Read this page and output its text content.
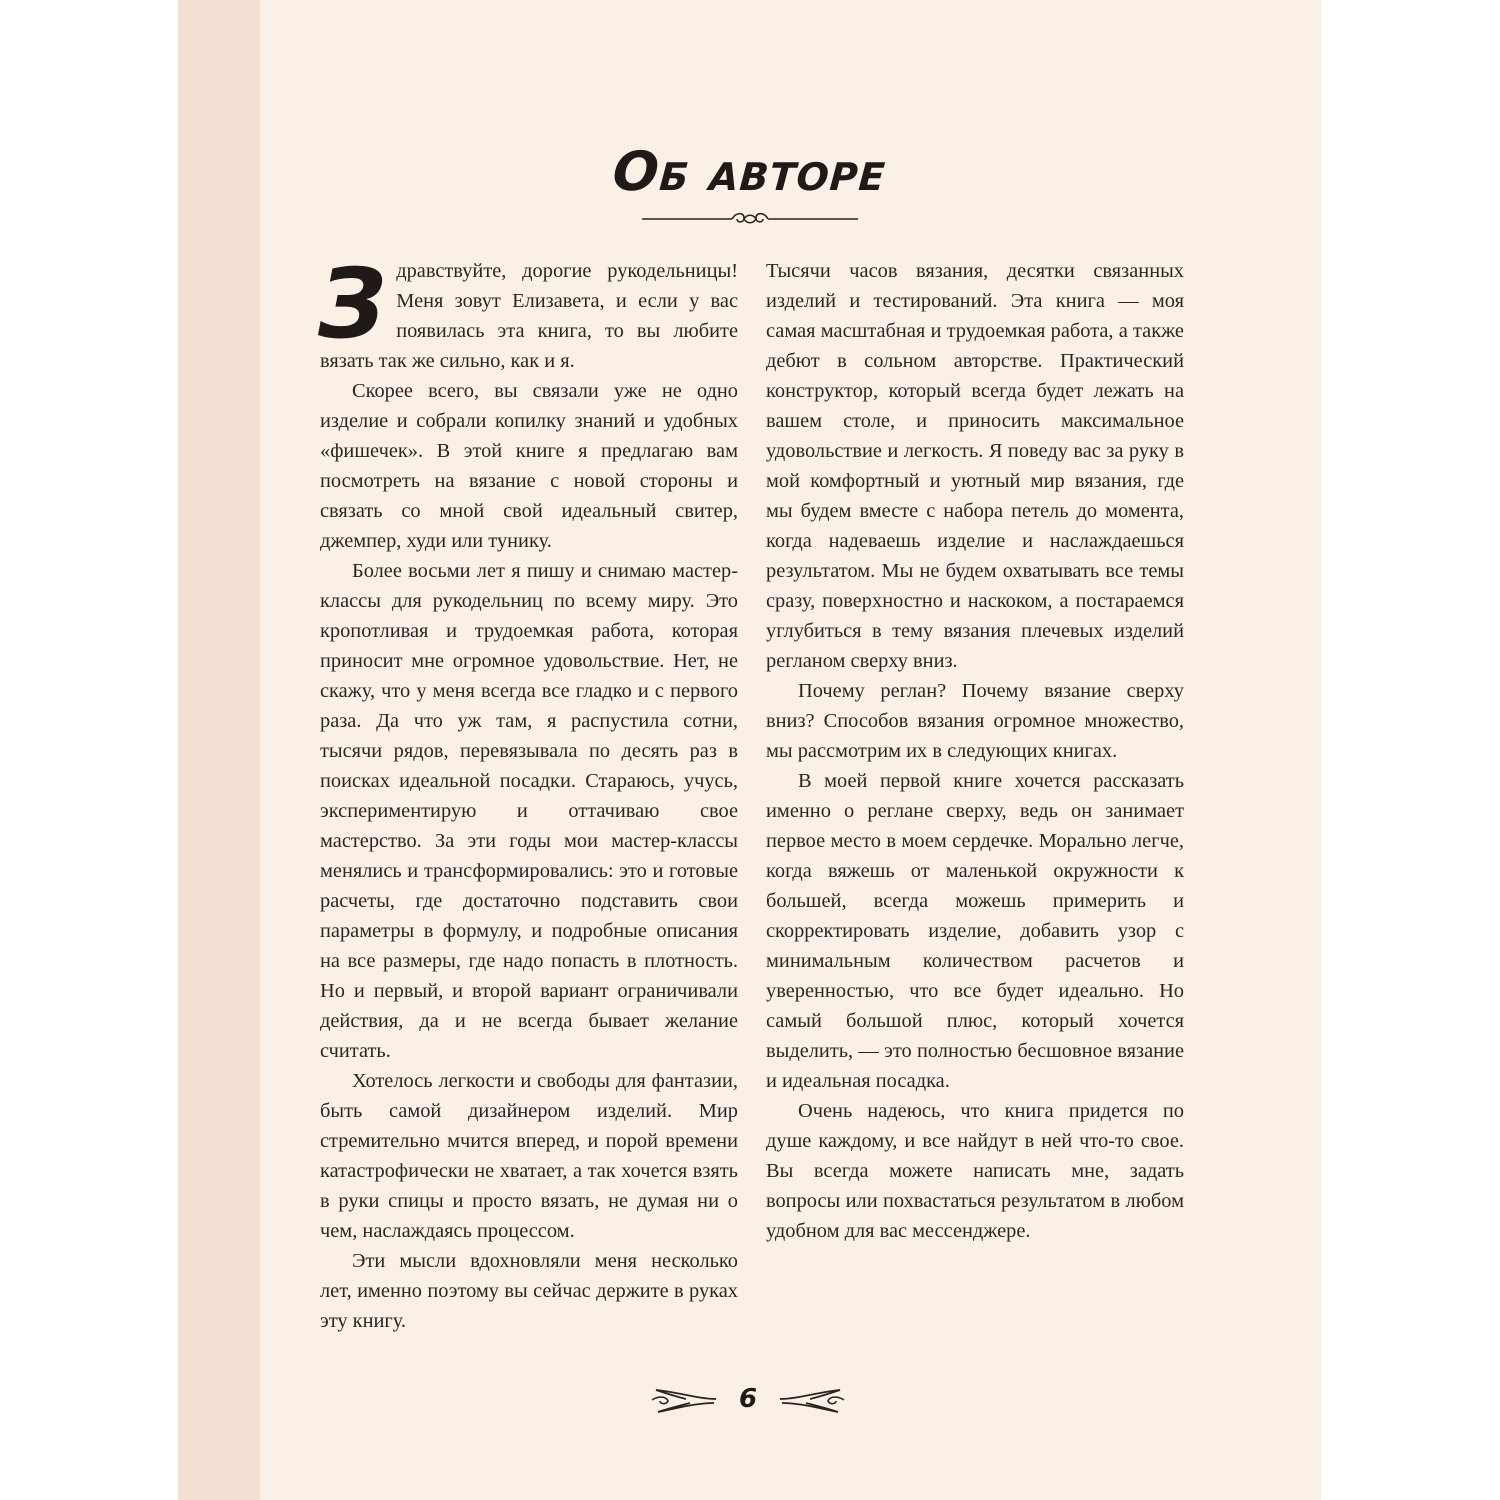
Об авторе

Здравствуйте, дорогие рукодельницы! Меня зовут Елизавета, и если у вас появилась эта книга, то вы любите вязать так же сильно, как и я.

Скорее всего, вы связали уже не одно изделие и собрали копилку знаний и удобных «фишечек». В этой книге я предлагаю вам посмотреть на вязание с новой стороны и связать со мной свой идеальный свитер, джемпер, худи или тунику.

Более восьми лет я пишу и снимаю мастер-классы для рукодельниц по всему миру. Это кропотливая и трудоемкая работа, которая приносит мне огромное удовольствие. Нет, не скажу, что у меня всегда все гладко и с первого раза. Да что уж там, я распустила сотни, тысячи рядов, перевязывала по десять раз в поисках идеальной посадки. Стараюсь, учусь, экспериментирую и оттачиваю свое мастерство. За эти годы мои мастер-классы менялись и трансформировались: это и готовые расчеты, где достаточно подставить свои параметры в формулу, и подробные описания на все размеры, где надо попасть в плотность. Но и первый, и второй вариант ограничивали действия, да и не всегда бывает желание считать.

Хотелось легкости и свободы для фантазии, быть самой дизайнером изделий. Мир стремительно мчится вперед, и порой времени катастрофически не хватает, а так хочется взять в руки спицы и просто вязать, не думая ни о чем, наслаждаясь процессом.

Эти мысли вдохновляли меня несколько лет, именно поэтому вы сейчас держите в руках эту книгу.

Тысячи часов вязания, десятки связанных изделий и тестирований. Эта книга — моя самая масштабная и трудоемкая работа, а также дебют в сольном авторстве. Практический конструктор, который всегда будет лежать на вашем столе, и приносить максимальное удовольствие и легкость. Я поведу вас за руку в мой комфортный и уютный мир вязания, где мы будем вместе с набора петель до момента, когда надеваешь изделие и наслаждаешься результатом. Мы не будем охватывать все темы сразу, поверхностно и наскоком, а постараемся углубиться в тему вязания плечевых изделий регланом сверху вниз.

Почему реглан? Почему вязание сверху вниз? Способов вязания огромное множество, мы рассмотрим их в следующих книгах.

В моей первой книге хочется рассказать именно о реглане сверху, ведь он занимает первое место в моем сердечке. Морально легче, когда вяжешь от маленькой окружности к большей, всегда можешь примерить и скорректировать изделие, добавить узор с минимальным количеством расчетов и уверенностью, что все будет идеально. Но самый большой плюс, который хочется выделить, — это полностью бесшовное вязание и идеальная посадка.

Очень надеюсь, что книга придется по душе каждому, и все найдут в ней что-то свое. Вы всегда можете написать мне, задать вопросы или похвастаться результатом в любом удобном для вас мессенджере.

6
